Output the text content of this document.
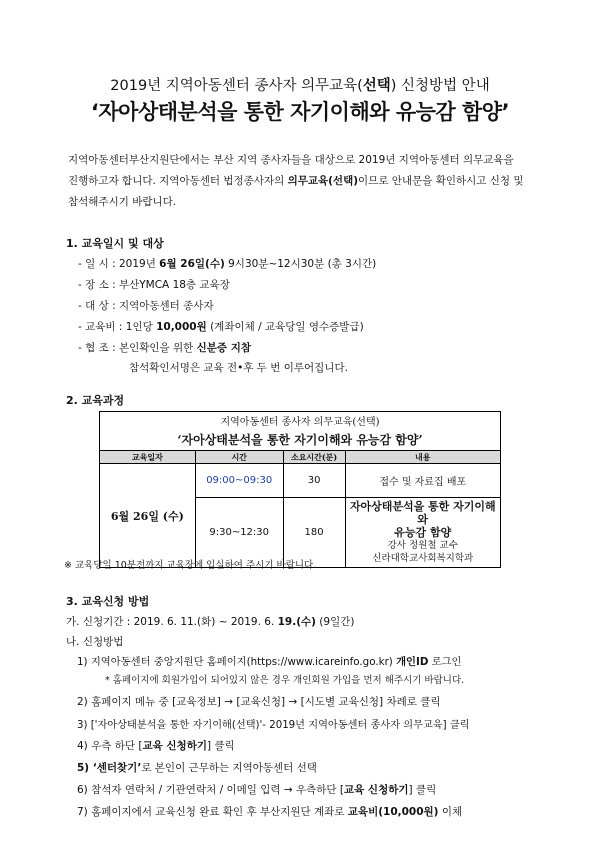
2019년 지역아동센터 종사자 의무교육(선택) 신청방법 안내
‘자아상태분석을 통한 자기이해와 유능감 함양’
지역아동센터부산지원단에서는 부산 지역 종사자들을 대상으로 2019년 지역아동센터 의무교육을 진행하고자 합니다. 지역아동센터 법정종사자의 의무교육(선택)이므로 안내문을 확인하시고 신청 및 참석해주시기 바랍니다.
1. 교육일시 및 대상
- 일 시 : 2019년 6월 26일(수) 9시30분~12시30분 (총 3시간)
- 장 소 : 부산YMCA 18층 교육장
- 대 상 : 지역아동센터 종사자
- 교육비 : 1인당 10,000원 (계좌이체 / 교육당일 영수증발급)
- 협 조 : 본인확인을 위한 신분증 지참
참석확인서명은 교육 전•후 두 번 이루어집니다.
2. 교육과정
지역아동센터 종사자 의무교육(선택)			
‘자아상태분석을 통한 자기이해와 유능감 함양’			
교육일자	시간	소요시간(분)	내용
6월 26일 (수)	09:00~09:30	30	접수 및 자료집 배포
	9:30~12:30	180	자아상태분석을 통한 자기이해와
유능감 함양
강사 정원철 교수
신라대학교사회복지학과
※ 교육당일 10분전까지 교육장에 입실하여 주시기 바랍니다.
3. 교육신청 방법
가. 신청기간 : 2019. 6. 11.(화) ~ 2019. 6. 19.(수) (9일간)
나. 신청방법
1) 지역아동센터 중앙지원단 홈페이지(https://www.icareinfo.go.kr) 개인ID 로그인
* 홈페이지에 회원가입이 되어있지 않은 경우 개인회원 가입을 먼저 해주시기 바랍니다.
2) 홈페이지 메뉴 중 [교육정보] → [교육신청] → [시도별 교육신청] 차례로 클릭
3) ['자아상태분석을 통한 자기이해(선택)'- 2019년 지역아동센터 종사자 의무교육] 클릭
4) 우측 하단 [교육 신청하기] 클릭
5) ‘센터찾기’로 본인이 근무하는 지역아동센터 선택
6) 참석자 연락처 / 기관연락처 / 이메일 입력 → 우측하단 [교육 신청하기] 클릭
7) 홈페이지에서 교육신청 완료 확인 후 부산지원단 계좌로 교육비(10,000원) 이체
